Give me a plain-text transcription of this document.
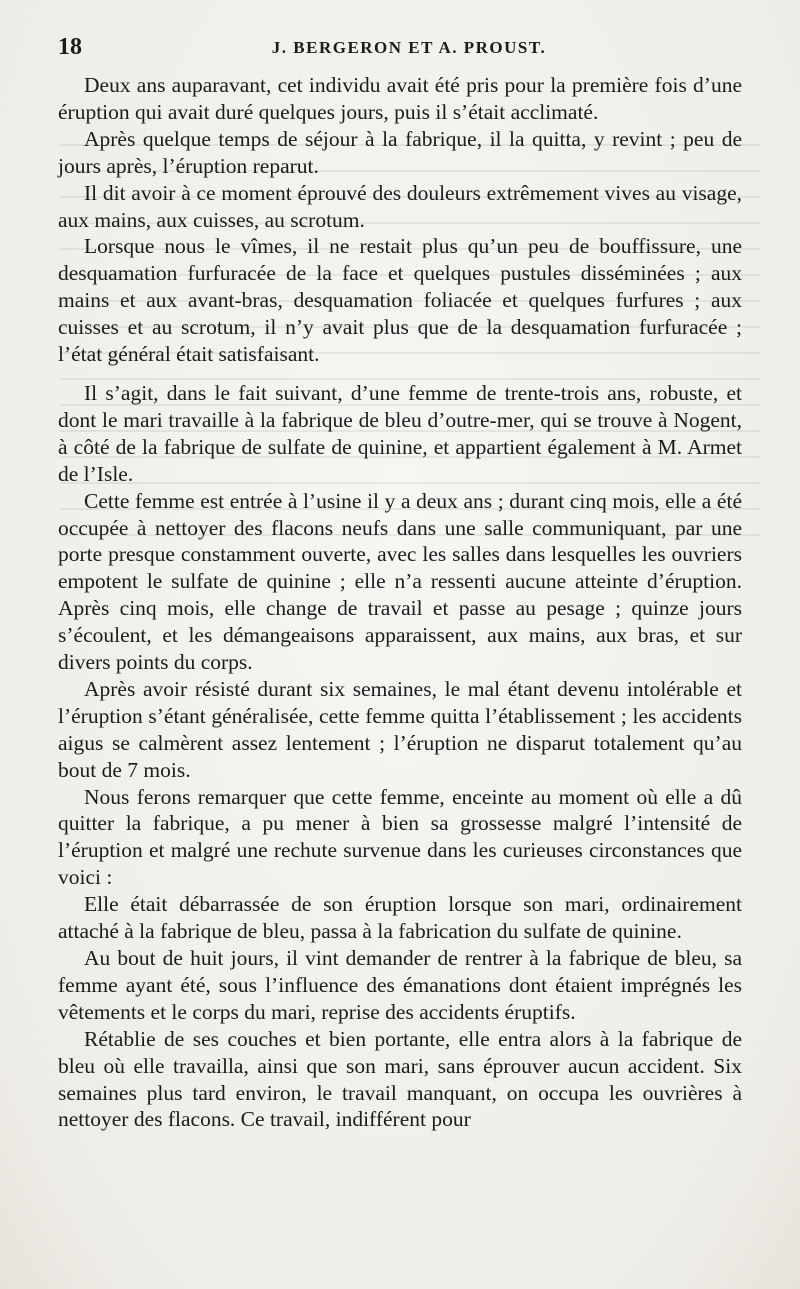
18	J. BERGERON ET A. PROUST.

Deux ans auparavant, cet individu avait été pris pour la première fois d’une éruption qui avait duré quelques jours, puis il s’était acclimaté.

Après quelque temps de séjour à la fabrique, il la quitta, y revint ; peu de jours après, l’éruption reparut.

Il dit avoir à ce moment éprouvé des douleurs extrêmement vives au visage, aux mains, aux cuisses, au scrotum.

Lorsque nous le vîmes, il ne restait plus qu’un peu de bouffissure, une desquamation furfuracée de la face et quelques pustules disséminées ; aux mains et aux avant-bras, desquamation foliacée et quelques furfures ; aux cuisses et au scrotum, il n’y avait plus que de la desquamation furfuracée ; l’état général était satisfaisant.

Il s’agit, dans le fait suivant, d’une femme de trente-trois ans, robuste, et dont le mari travaille à la fabrique de bleu d’outre-mer, qui se trouve à Nogent, à côté de la fabrique de sulfate de quinine, et appartient également à M. Armet de l’Isle.

Cette femme est entrée à l’usine il y a deux ans ; durant cinq mois, elle a été occupée à nettoyer des flacons neufs dans une salle communiquant, par une porte presque constamment ouverte, avec les salles dans lesquelles les ouvriers empotent le sulfate de quinine ; elle n’a ressenti aucune atteinte d’éruption. Après cinq mois, elle change de travail et passe au pesage ; quinze jours s’écoulent, et les démangeaisons apparaissent, aux mains, aux bras, et sur divers points du corps.

Après avoir résisté durant six semaines, le mal étant devenu intolérable et l’éruption s’étant généralisée, cette femme quitta l’établissement ; les accidents aigus se calmèrent assez lentement ; l’éruption ne disparut totalement qu’au bout de 7 mois.

Nous ferons remarquer que cette femme, enceinte au moment où elle a dû quitter la fabrique, a pu mener à bien sa grossesse malgré l’intensité de l’éruption et malgré une rechute survenue dans les curieuses circonstances que voici :

Elle était débarrassée de son éruption lorsque son mari, ordinairement attaché à la fabrique de bleu, passa à la fabrication du sulfate de quinine.

Au bout de huit jours, il vint demander de rentrer à la fabrique de bleu, sa femme ayant été, sous l’influence des émanations dont étaient imprégnés les vêtements et le corps du mari, reprise des accidents éruptifs.

Rétablie de ses couches et bien portante, elle entra alors à la fabrique de bleu où elle travailla, ainsi que son mari, sans éprouver aucun accident. Six semaines plus tard environ, le travail manquant, on occupa les ouvrières à nettoyer des flacons. Ce travail, indifférent pour
